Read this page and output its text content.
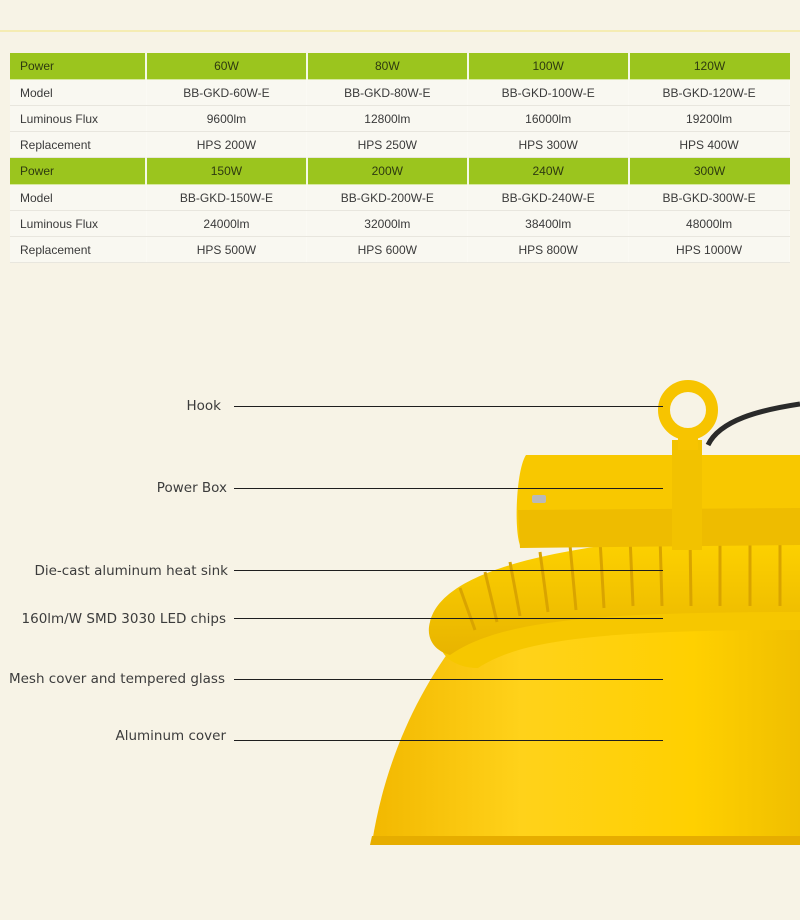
Power	60W	80W	100W	120W
Model	BB-GKD-60W-E	BB-GKD-80W-E	BB-GKD-100W-E	BB-GKD-120W-E
Luminous Flux	9600lm	12800lm	16000lm	19200lm
Replacement	HPS 200W	HPS 250W	HPS 300W	HPS 400W
Power	150W	200W	240W	300W
Model	BB-GKD-150W-E	BB-GKD-200W-E	BB-GKD-240W-E	BB-GKD-300W-E
Luminous Flux	24000lm	32000lm	38400lm	48000lm
Replacement	HPS 500W	HPS 600W	HPS 800W	HPS 1000W
Hook
Power Box
Die-cast aluminum heat sink
160lm/W SMD 3030 LED chips
Mesh cover and tempered glass
Aluminum cover
